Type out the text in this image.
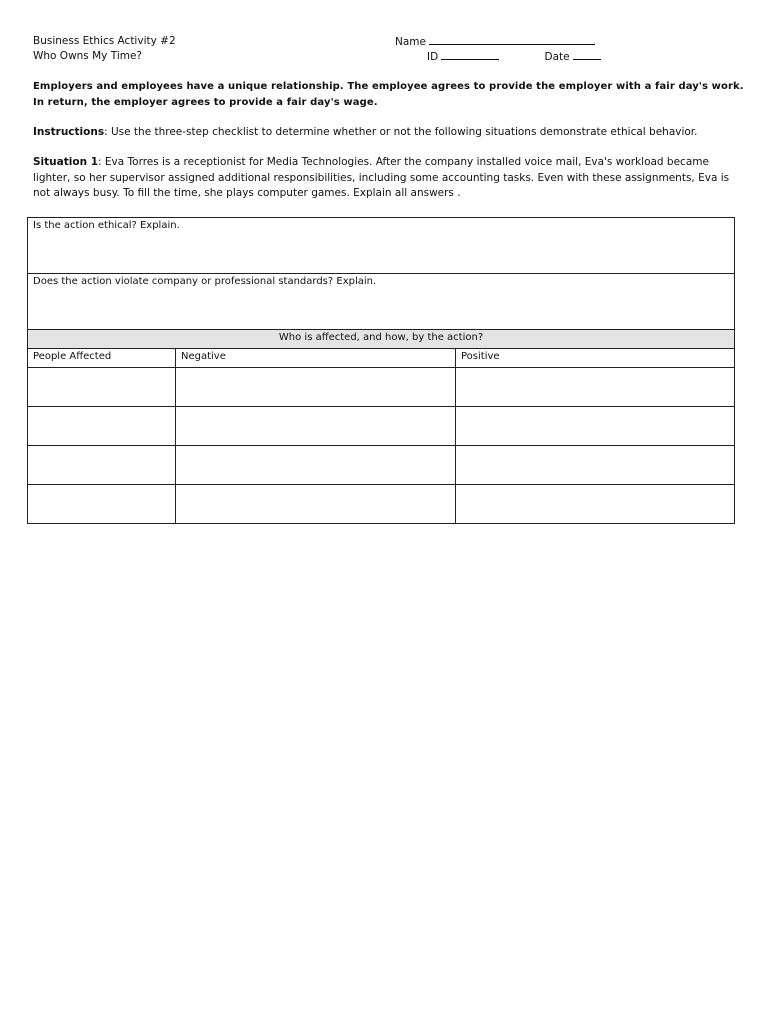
Business Ethics Activity #2
Who Owns My Time?
Name
ID	Date
Employers and employees have a unique relationship. The employee agrees to provide the employer with a fair day's work. In return, the employer agrees to provide a fair day's wage.
Instructions: Use the three-step checklist to determine whether or not the following situations demonstrate ethical behavior.
Situation 1: Eva Torres is a receptionist for Media Technologies. After the company installed voice mail, Eva's workload became lighter, so her supervisor assigned additional responsibilities, including some accounting tasks. Even with these assignments, Eva is not always busy. To fill the time, she plays computer games. Explain all answers .
Is the action ethical? Explain.		
Does the action violate company or professional standards? Explain.		
Who is affected, and how, by the action?		
People Affected	Negative	Positive
